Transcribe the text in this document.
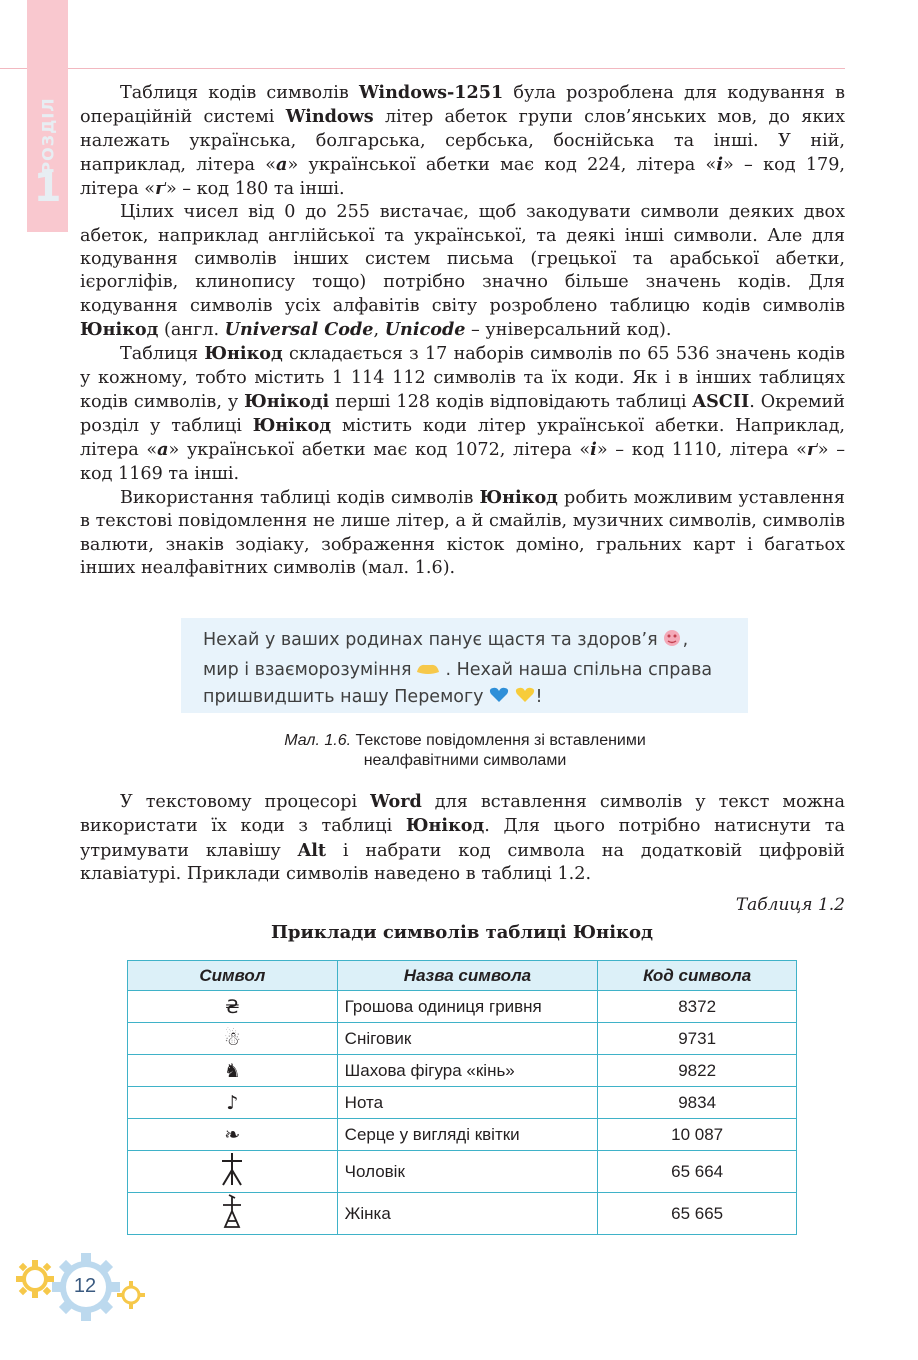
РОЗДІЛ
1

Таблиця кодів символів Windows-1251 була розроблена для кодування в операційній системі Windows літер абеток групи слов’янських мов, до яких належать українська, болгарська, сербська, боснійська та інші. У ній, наприклад, літера «а» української абетки має код 224, літера «і» – код 179, літера «ґ» – код 180 та інші.

Цілих чисел від 0 до 255 вистачає, щоб закодувати символи деяких двох абеток, наприклад англійської та української, та деякі інші символи. Але для кодування символів інших систем письма (грецької та арабської абетки, ієрогліфів, клинопису тощо) потрібно значно більше значень кодів. Для кодування символів усіх алфавітів світу розроблено таблицю кодів символів Юнікод (англ. Universal Code, Unicode – універсальний код).

Таблиця Юнікод складається з 17 наборів символів по 65 536 значень кодів у кожному, тобто містить 1 114 112 символів та їх коди. Як і в інших таблицях кодів символів, у Юнікоді перші 128 кодів відповідають таблиці ASCII. Окремий розділ у таблиці Юнікод містить коди літер української абетки. Наприклад, літера «а» української абетки має код 1072, літера «і» – код 1110, літера «ґ» – код 1169 та інші.

Використання таблиці кодів символів Юнікод робить можливим уставлення в текстові повідомлення не лише літер, а й смайлів, музичних символів, символів валюти, знаків зодіаку, зображення кісток доміно, гральних карт і багатьох інших неалфавітних символів (мал. 1.6).

Нехай у ваших родинах панує щастя та здоров’я ,
мир і взаєморозуміння . Нехай наша спільна справа
пришвидшить нашу Перемогу	!
Мал. 1.6. Текстове повідомлення зі вставленими
неалфавітними символами

У текстовому процесорі Word для вставлення символів у текст можна використати їх коди з таблиці Юнікод. Для цього потрібно натиснути та утримувати клавішу Alt і набрати код символа на додатковій цифровій клавіатурі. Приклади символів наведено в таблиці 1.2.

Таблиця 1.2
Приклади символів таблиці Юнікод
Символ	Назва символа	Код символа
₴	Грошова одиниця гривня	8372
☃	Сніговик	9731
♞	Шахова фігура «кінь»	9822
♪	Нота	9834
❧	Серце у вигляді квітки	10 087
	Чоловік	65 664
	Жінка	65 665
12
